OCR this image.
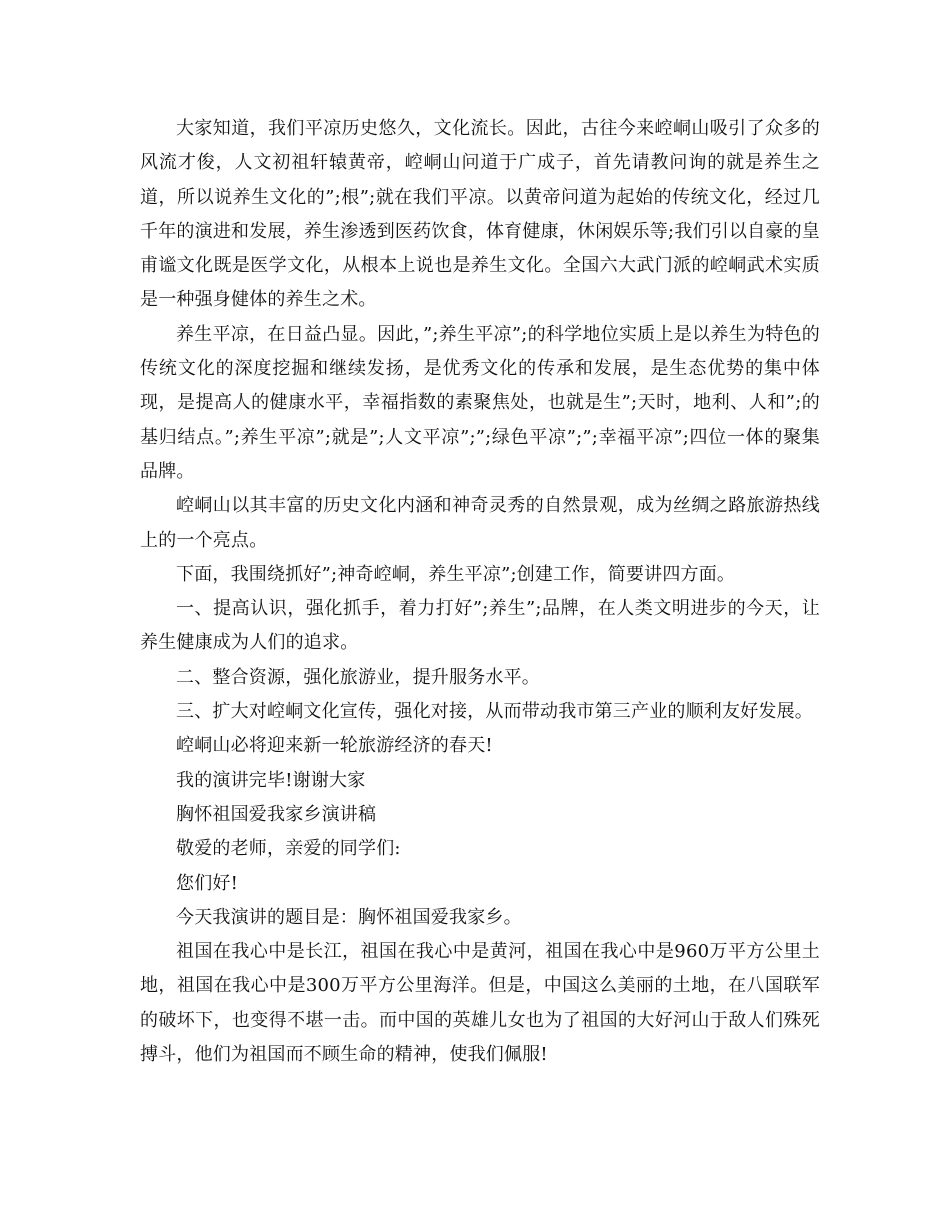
大家知道，我们平凉历史悠久，文化流长。因此，古往今来崆峒山吸引了众多的风流才俊，人文初祖轩辕黄帝，崆峒山问道于广成子，首先请教问询的就是养生之道，所以说养生文化的”;根”;就在我们平凉。以黄帝问道为起始的传统文化，经过几千年的演进和发展，养生渗透到医药饮食，体育健康，休闲娱乐等;我们引以自豪的皇甫谧文化既是医学文化，从根本上说也是养生文化。全国六大武门派的崆峒武术实质是一种强身健体的养生之术。

养生平凉，在日益凸显。因此，”;养生平凉”;的科学地位实质上是以养生为特色的传统文化的深度挖掘和继续发扬，是优秀文化的传承和发展，是生态优势的集中体现，是提高人的健康水平，幸福指数的素聚焦处，也就是生”;天时，地利、人和”;的基归结点。”;养生平凉”;就是”;人文平凉”;”;绿色平凉”;”;幸福平凉”;四位一体的聚集品牌。

崆峒山以其丰富的历史文化内涵和神奇灵秀的自然景观，成为丝绸之路旅游热线上的一个亮点。

下面，我围绕抓好”;神奇崆峒，养生平凉”;创建工作，简要讲四方面。

一、提高认识，强化抓手，着力打好”;养生”;品牌，在人类文明进步的今天，让养生健康成为人们的追求。

二、整合资源，强化旅游业，提升服务水平。

三、扩大对崆峒文化宣传，强化对接，从而带动我市第三产业的顺利友好发展。

崆峒山必将迎来新一轮旅游经济的春天!

我的演讲完毕!谢谢大家

胸怀祖国爱我家乡演讲稿

敬爱的老师，亲爱的同学们:

您们好!

今天我演讲的题目是：胸怀祖国爱我家乡。

祖国在我心中是长江，祖国在我心中是黄河，祖国在我心中是960万平方公里土地，祖国在我心中是300万平方公里海洋。但是，中国这么美丽的土地，在八国联军的破坏下，也变得不堪一击。而中国的英雄儿女也为了祖国的大好河山于敌人们殊死搏斗，他们为祖国而不顾生命的精神，使我们佩服!
